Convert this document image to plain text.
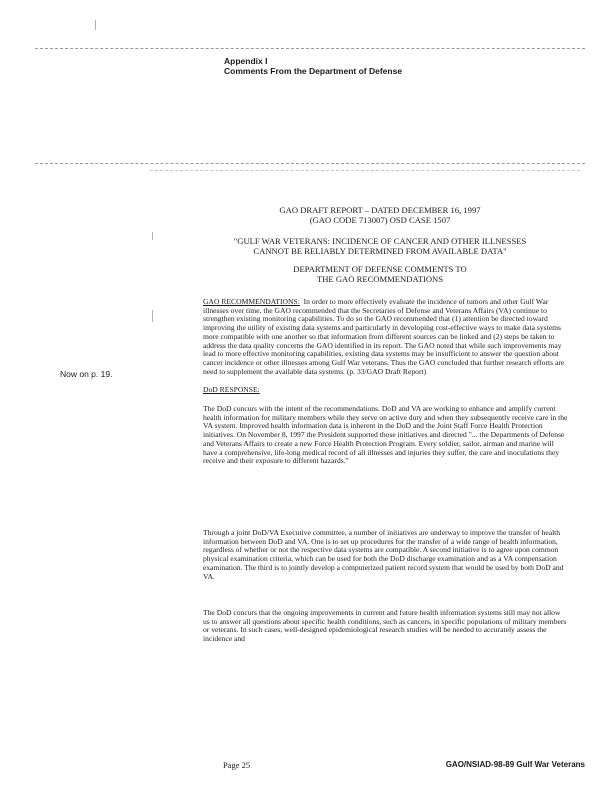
Appendix I
Comments From the Department of Defense
GAO DRAFT REPORT – DATED DECEMBER 16, 1997
(GAO CODE 713007) OSD CASE 1507
"GULF WAR VETERANS: INCIDENCE OF CANCER AND OTHER ILLNESSES
CANNOT BE RELIABLY DETERMINED FROM AVAILABLE DATA"
DEPARTMENT OF DEFENSE COMMENTS TO
THE GAO RECOMMENDATIONS

GAO RECOMMENDATIONS: In order to more effectively evaluate the incidence of tumors and other Gulf War illnesses over time, the GAO recommended that the Secretaries of Defense and Veterans Affairs (VA) continue to strengthen existing monitoring capabilities. To do so the GAO recommended that (1) attention be directed toward improving the utility of existing data systems and particularly in developing cost-effective ways to make data systems more compatible with one another so that information from different sources can be linked and (2) steps be taken to address the data quality concerns the GAO identified in its report. The GAO noted that while such improvements may lead to more effective monitoring capabilities, existing data systems may be insufficient to answer the question about cancer incidence or other illnesses among Gulf War veterans. Thus the GAO concluded that further research efforts are need to supplement the available data systems. (p. 33/GAO Draft Report)

Now on p. 19.

DoD RESPONSE:

The DoD concurs with the intent of the recommendations. DoD and VA are working to enhance and amplify current health information for military members while they serve on active duty and when they subsequently receive care in the VA system. Improved health information data is inherent in the DoD and the Joint Staff Force Health Protection initiatives. On November 8, 1997 the President supported those initiatives and directed "... the Departments of Defense and Veterans Affairs to create a new Force Health Protection Program. Every soldier, sailor, airman and marine will have a comprehensive, life-long medical record of all illnesses and injuries they suffer, the care and inoculations they receive and their exposure to different hazards."

Through a joint DoD/VA Executive committee, a number of initiatives are underway to improve the transfer of health information between DoD and VA. One is to set up procedures for the transfer of a wide range of health information, regardless of whether or not the respective data systems are compatible. A second initiative is to agree upon common physical examination criteria, which can be used for both the DoD discharge examination and as a VA compensation examination. The third is to jointly develop a computerized patient record system that would be used by both DoD and VA.

The DoD concurs that the ongoing improvements in current and future health information systems still may not allow us to answer all questions about specific health conditions, such as cancers, in specific populations of military members or veterans. In such cases, well-designed epidemiological research studies will be needed to accurately assess the incidence and

Page 25	GAO/NSIAD-98-89 Gulf War Veterans
